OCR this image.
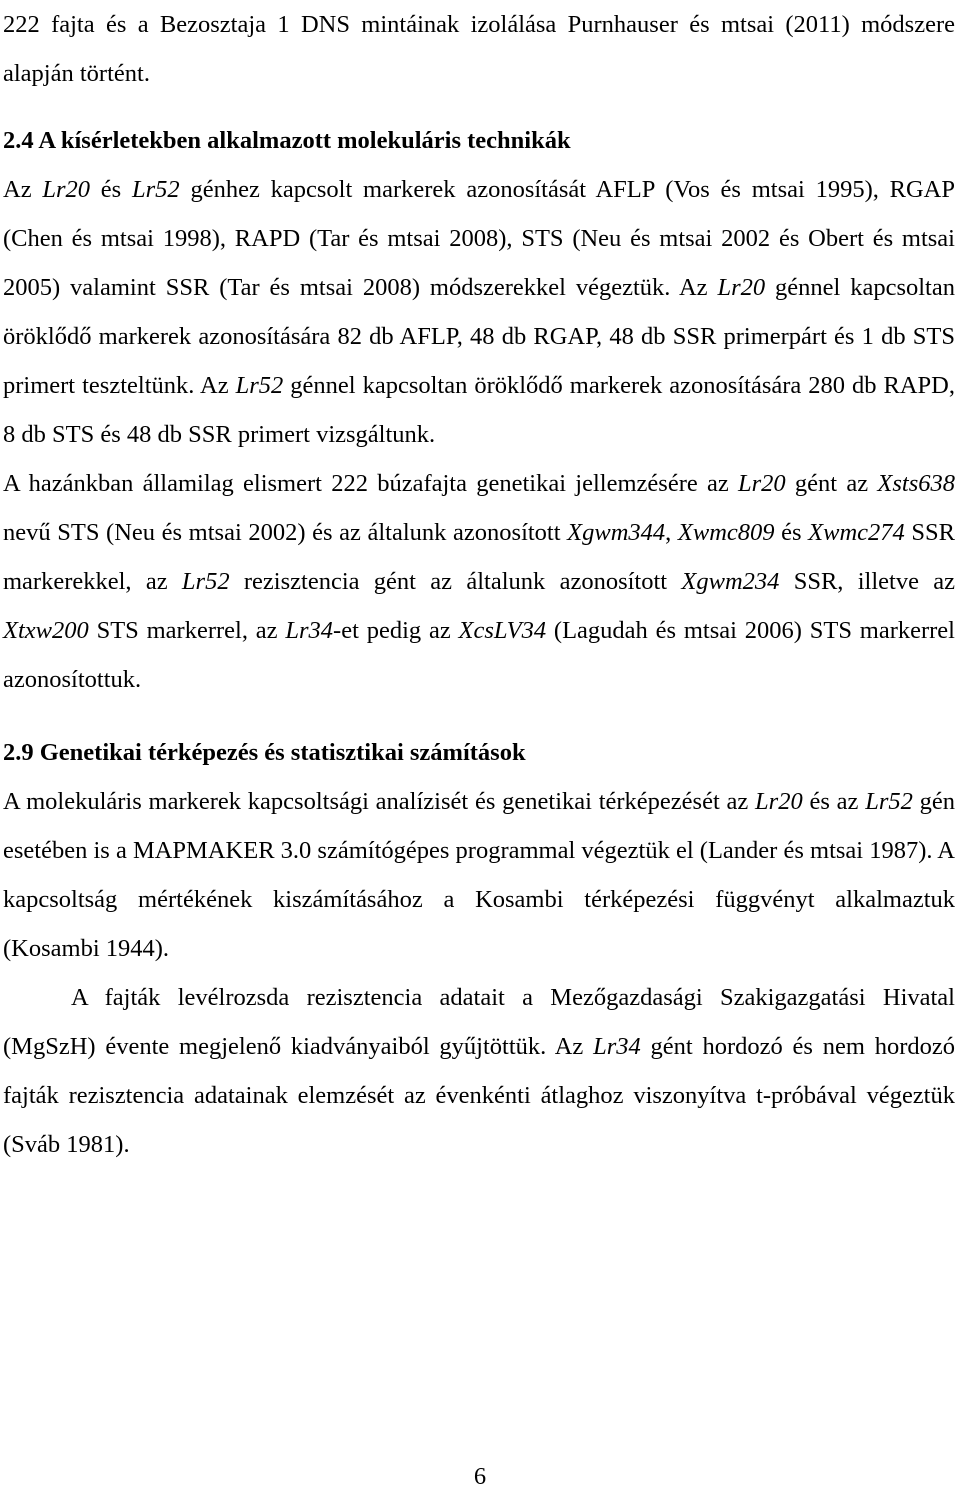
222 fajta és a Bezosztaja 1 DNS mintáinak izolálása Purnhauser és mtsai (2011) módszere alapján történt.

2.4 A kísérletekben alkalmazott molekuláris technikák

Az Lr20 és Lr52 génhez kapcsolt markerek azonosítását AFLP (Vos és mtsai 1995), RGAP (Chen és mtsai 1998), RAPD (Tar és mtsai 2008), STS (Neu és mtsai 2002 és Obert és mtsai 2005) valamint SSR (Tar és mtsai 2008) módszerekkel végeztük. Az Lr20 génnel kapcsoltan öröklődő markerek azonosítására 82 db AFLP, 48 db RGAP, 48 db SSR primerpárt és 1 db STS primert teszteltünk. Az Lr52 génnel kapcsoltan öröklődő markerek azonosítására 280 db RAPD, 8 db STS és 48 db SSR primert vizsgáltunk.

A hazánkban államilag elismert 222 búzafajta genetikai jellemzésére az Lr20 gént az Xsts638 nevű STS (Neu és mtsai 2002) és az általunk azonosított Xgwm344, Xwmc809 és Xwmc274 SSR markerekkel, az Lr52 rezisztencia gént az általunk azonosított Xgwm234 SSR, illetve az Xtxw200 STS markerrel, az Lr34-et pedig az XcsLV34 (Lagudah és mtsai 2006) STS markerrel azonosítottuk.

2.9 Genetikai térképezés és statisztikai számítások

A molekuláris markerek kapcsoltsági analízisét és genetikai térképezését az Lr20 és az Lr52 gén esetében is a MAPMAKER 3.0 számítógépes programmal végeztük el (Lander és mtsai 1987). A kapcsoltság mértékének kiszámításához a Kosambi térképezési függvényt alkalmaztuk (Kosambi 1944).

A fajták levélrozsda rezisztencia adatait a Mezőgazdasági Szakigazgatási Hivatal (MgSzH) évente megjelenő kiadványaiból gyűjtöttük. Az Lr34 gént hordozó és nem hordozó fajták rezisztencia adatainak elemzését az évenkénti átlaghoz viszonyítva t-próbával végeztük (Sváb 1981).

6
